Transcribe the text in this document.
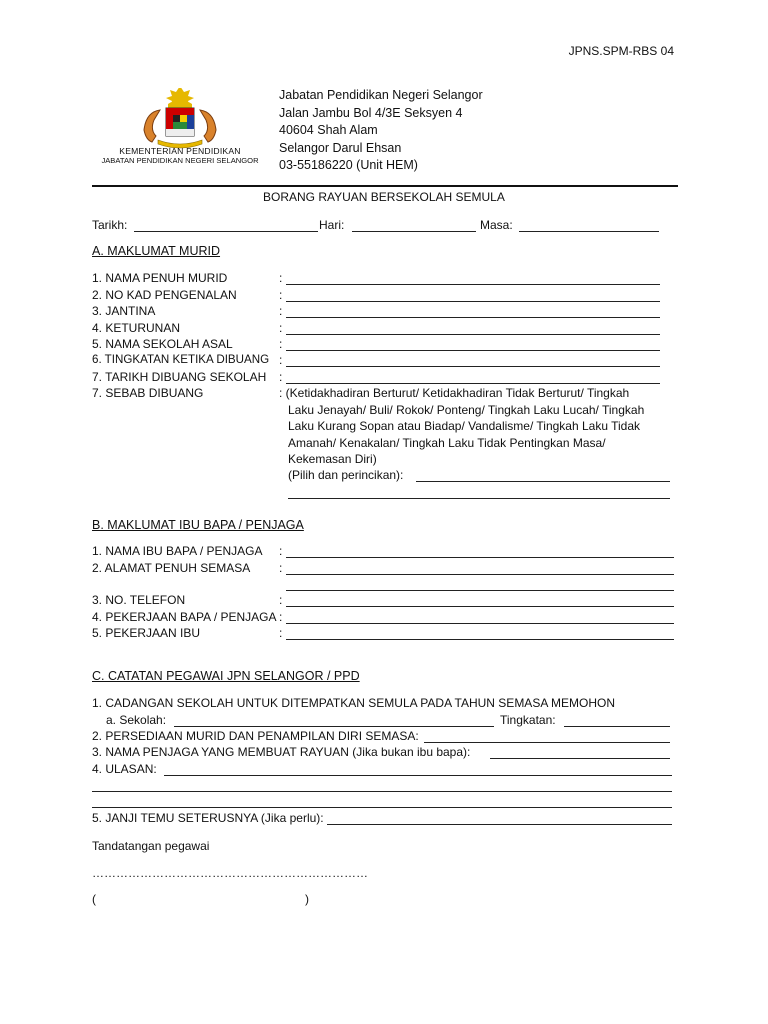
JPNS.SPM-RBS 04
KEMENTERIAN PENDIDIKAN
JABATAN PENDIDIKAN NEGERI SELANGOR
Jabatan Pendidikan Negeri Selangor
Jalan Jambu Bol 4/3E Seksyen 4
40604 Shah Alam
Selangor Darul Ehsan
03-55186220 (Unit HEM)
BORANG RAYUAN BERSEKOLAH SEMULA
Tarikh:	Hari:	Masa:
A. MAKLUMAT MURID
1. NAMA PENUH MURID	:
2. NO KAD PENGENALAN	:
3. JANTINA	:
4. KETURUNAN	:
5. NAMA SEKOLAH ASAL	:
6. TINGKATAN KETIKA DIBUANG :
7. TARIKH DIBUANG SEKOLAH :
7. SEBAB DIBUANG	: (Ketidakhadiran Berturut/ Ketidakhadiran Tidak Berturut/ Tingkah
Laku Jenayah/ Buli/ Rokok/ Ponteng/ Tingkah Laku Lucah/ Tingkah
Laku Kurang Sopan atau Biadap/ Vandalisme/ Tingkah Laku Tidak
Amanah/ Kenakalan/ Tingkah Laku Tidak Pentingkan Masa/
Kekemasan Diri)
(Pilih dan perincikan):
B. MAKLUMAT IBU BAPA / PENJAGA
1. NAMA IBU BAPA / PENJAGA :
2. ALAMAT PENUH SEMASA :
3. NO. TELEFON	:
4. PEKERJAAN BAPA / PENJAGA :
5. PEKERJAAN IBU	:
C. CATATAN PEGAWAI JPN SELANGOR / PPD
1. CADANGAN SEKOLAH UNTUK DITEMPATKAN SEMULA PADA TAHUN SEMASA MEMOHON
a. Sekolah:	Tingkatan:
2. PERSEDIAAN MURID DAN PENAMPILAN DIRI SEMASA:
3. NAMA PENJAGA YANG MEMBUAT RAYUAN (Jika bukan ibu bapa):
4. ULASAN:
5. JANJI TEMU SETERUSNYA (Jika perlu):
Tandatangan pegawai
……………………………………………………………
(	)
